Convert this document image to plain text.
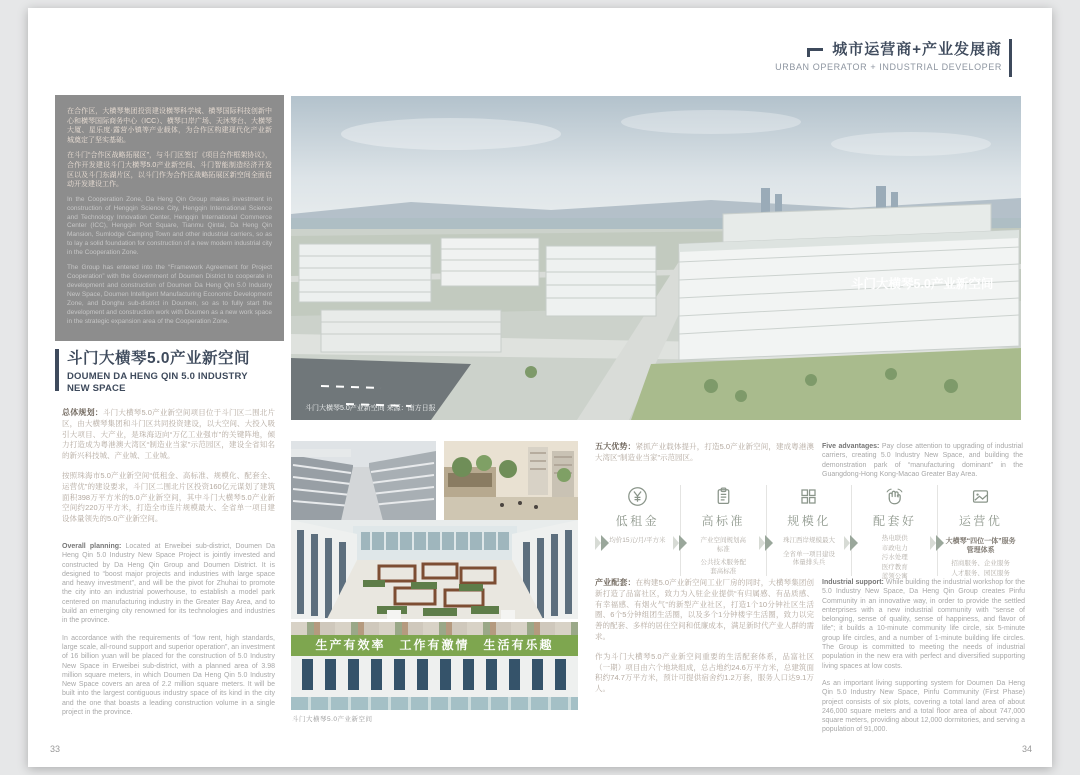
城市运营商+产业发展商
URBAN OPERATOR + INDUSTRIAL DEVELOPER

在合作区，大横琴集团投资建设横琴科学城、横琴国际科技创新中心和横琴国际商务中心（ICC）、横琴口岸广场、天沐琴台、大横琴大厦、星乐度·露营小镇等产业载体，为合作区构建现代化产业新城奠定了坚实基础。

在斗门“合作区战略拓展区”，与斗门区签订《项目合作框架协议》，合作开发建设斗门大横琴5.0产业新空间、斗门智能制造经济开发区以及斗门东湖片区，以斗门作为合作区战略拓展区新空间全面启动开发建设工作。

In the Cooperation Zone, Da Heng Qin Group makes investment in construction of Hengqin Science City, Hengqin International Science and Technology Innovation Center, Hengqin International Commerce Center (ICC), Hengqin Port Square, Tianmu Qintai, Da Heng Qin Mansion, Sumlodge Camping Town and other industrial carriers, so as to lay a solid foundation for construction of a new modern industrial city in the Cooperation Zone.

The Group has entered into the “Framework Agreement for Project Cooperation” with the Government of Doumen District to cooperate in development and construction of Doumen Da Heng Qin 5.0 Industry New Space, Doumen Intelligent Manufacturing Economic Development Zone, and Donghu sub-district in Doumen, so as to fully start the development and construction work with Doumen as a new work space in the strategic expansion area of the Cooperation Zone.

斗门大横琴5.0产业新空间
DOUMEN DA HENG QIN 5.0 INDUSTRY NEW SPACE

总体规划：斗门大横琴5.0产业新空间项目位于斗门区二围北片区，由大横琴集团和斗门区共同投资建设，以大空间、大投入吸引大项目、大产业，是珠海迈向“万亿工业强市”的关键阵地，倾力打造成为粤港澳大湾区“制造业当家”示范园区，建设全省知名的新兴科技城、产业城、工业城。

按照珠海市5.0产业新空间“低租金、高标准、规模化、配套全、运营优”的建设要求，斗门区二围北片区投资160亿元谋划了建筑面积398万平方米的5.0产业新空间，其中斗门大横琴5.0产业新空间约220万平方米，打造全市连片规模最大、全省单一项目建设体量领先的5.0产业新空间。

Overall planning: Located at Erweibei sub-district, Doumen Da Heng Qin 5.0 Industry New Space Project is jointly invested and constructed by Da Heng Qin Group and Doumen District. It is designed to “boost major projects and industries with large space and heavy investment”, and will be the pivot for Zhuhai to promote the city into an industrial powerhouse, to establish a model park centered on manufacturing industry in the Greater Bay Area, and to build an emerging city renowned for its technologies and industries in the province.

In accordance with the requirements of “low rent, high standards, large scale, all-round support and superior operation”, an investment of 16 billion yuan will be placed for the construction of 5.0 Industry New Space in Erweibei sub-district, with a planned area of 3.98 million square meters, in which Doumen Da Heng Qin 5.0 Industry New Space covers an area of 2.2 million square meters. It will be built into the largest contiguous industry space of its kind in the city and the one that boasts a leading construction volume in a single project in the province.

斗门大横琴5.0产业新空间
斗门大横琴5.0产业新空间 来源：南方日报
生产有效率　工作有激情　生活有乐趣
斗门大横琴5.0产业新空间

五大优势：紧抓产业载体提升，打造5.0产业新空间，建成粤港澳大湾区“制造业当家”示范园区。

Five advantages: Pay close attention to upgrading of industrial carriers, creating 5.0 Industry New Space, and building the demonstration park of “manufacturing dominant” in the Guangdong-Hong Kong-Macao Greater Bay Area.

低租金
均价15元/月/平方米
高标准
产业空间规划高标准
公共技术服务配套高标准
规模化
珠江西岸规模最大
全省单一项目建设体量排头兵
配套好
热电联供
市政电力
污水处理
医疗教育
蓝领公寓
运营优
大横琴“四位一体”服务管理体系
招商服务、企业服务
人才服务、园区服务

产业配套：在构建5.0产业新空间工业厂房的同时，大横琴集团创新打造了品富社区，致力为入驻企业提供“有归属感、有品质感、有幸福感、有烟火气”的新型产业社区，打造1个10分钟社区生活圈、6个5分钟组团生活圈，以及多个1分钟楼宇生活圈，致力以完善的配套、多样的居住空间和低廉成本，满足新时代产业人群的需求。

作为斗门大横琴5.0产业新空间重要的生活配套体系，品富社区（一期）项目由六个地块组成，总占地约24.6万平方米，总建筑面积约74.7万平方米，预计可提供宿舍约1.2万套，服务人口达9.1万人。

Industrial support: While building the industrial workshop for the 5.0 Industry New Space, Da Heng Qin Group creates Pinfu Community in an innovative way, in order to provide the settled enterprises with a new industrial community with “sense of belonging, sense of quality, sense of happiness, and flavor of life”; it builds a 10-minute community life circle, six 5-minute group life circles, and a number of 1-minute building life circles. The Group is committed to meeting the needs of industrial population in the new era with perfect and diversified supporting living spaces at low costs.

As an important living supporting system for Doumen Da Heng Qin 5.0 Industry New Space, Pinfu Community (First Phase) project consists of six plots, covering a total land area of about 246,000 square meters and a total floor area of about 747,000 square meters, providing about 12,000 dormitories, and serving a population of 91,000.

33	34
